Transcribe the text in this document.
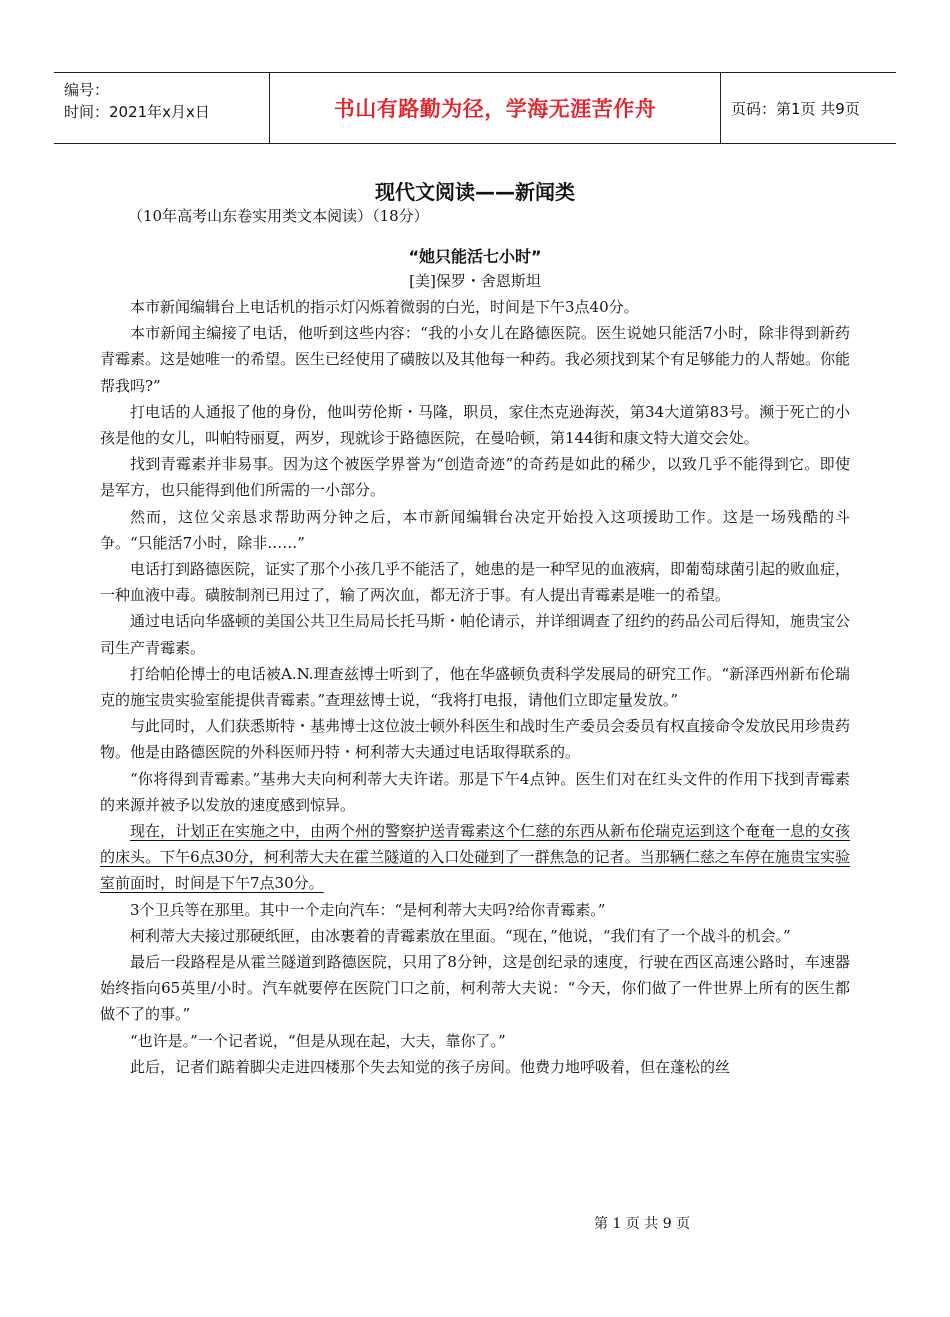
编号：
时间：2021年x月x日	书山有路勤为径，学海无涯苦作舟	页码：第1页 共9页
现代文阅读——新闻类
（10年高考山东卷实用类文本阅读）（18分）
“她只能活七小时”
[美]保罗・舍恩斯坦

本市新闻编辑台上电话机的指示灯闪烁着微弱的白光，时间是下午3点40分。

本市新闻主编接了电话，他听到这些内容：“我的小女儿在路德医院。医生说她只能活7小时，除非得到新药青霉素。这是她唯一的希望。医生已经使用了磺胺以及其他每一种药。我必须找到某个有足够能力的人帮她。你能帮我吗?”

打电话的人通报了他的身份，他叫劳伦斯・马隆，职员，家住杰克逊海茨，第34大道第83号。濒于死亡的小孩是他的女儿，叫帕特丽夏，两岁，现就诊于路德医院，在曼哈顿，第144街和康文特大道交会处。

找到青霉素并非易事。因为这个被医学界誉为“创造奇迹”的奇药是如此的稀少，以致几乎不能得到它。即使是军方，也只能得到他们所需的一小部分。

然而，这位父亲恳求帮助两分钟之后，本市新闻编辑台决定开始投入这项援助工作。这是一场残酷的斗争。“只能活7小时，除非……”

电话打到路德医院，证实了那个小孩几乎不能活了，她患的是一种罕见的血液病，即葡萄球菌引起的败血症，一种血液中毒。磺胺制剂已用过了，输了两次血，都无济于事。有人提出青霉素是唯一的希望。

通过电话向华盛顿的美国公共卫生局局长托马斯・帕伦请示，并详细调查了纽约的药品公司后得知，施贵宝公司生产青霉素。

打给帕伦博士的电话被A.N.理查兹博士听到了，他在华盛顿负责科学发展局的研究工作。“新泽西州新布伦瑞克的施宝贵实验室能提供青霉素。”查理兹博士说，“我将打电报，请他们立即定量发放。”

与此同时，人们获悉斯特・基弗博士这位波士顿外科医生和战时生产委员会委员有权直接命令发放民用珍贵药物。他是由路德医院的外科医师丹特・柯利蒂大夫通过电话取得联系的。

“你将得到青霉素。”基弗大夫向柯利蒂大夫许诺。那是下午4点钟。医生们对在红头文件的作用下找到青霉素的来源并被予以发放的速度感到惊异。

现在，计划正在实施之中，由两个州的警察护送青霉素这个仁慈的东西从新布伦瑞克运到这个奄奄一息的女孩的床头。下午6点30分，柯利蒂大夫在霍兰隧道的入口处碰到了一群焦急的记者。当那辆仁慈之车停在施贵宝实验室前面时，时间是下午7点30分。

3个卫兵等在那里。其中一个走向汽车：“是柯利蒂大夫吗?给你青霉素。”

柯利蒂大夫接过那硬纸匣，由冰裹着的青霉素放在里面。“现在，”他说，“我们有了一个战斗的机会。”

最后一段路程是从霍兰隧道到路德医院，只用了8分钟，这是创纪录的速度，行驶在西区高速公路时，车速器始终指向65英里/小时。汽车就要停在医院门口之前，柯利蒂大夫说：“今天，你们做了一件世界上所有的医生都做不了的事。”

“也许是。”一个记者说，“但是从现在起，大夫，靠你了。”

此后，记者们踮着脚尖走进四楼那个失去知觉的孩子房间。他费力地呼吸着，但在蓬松的丝

第 1 页 共 9 页
